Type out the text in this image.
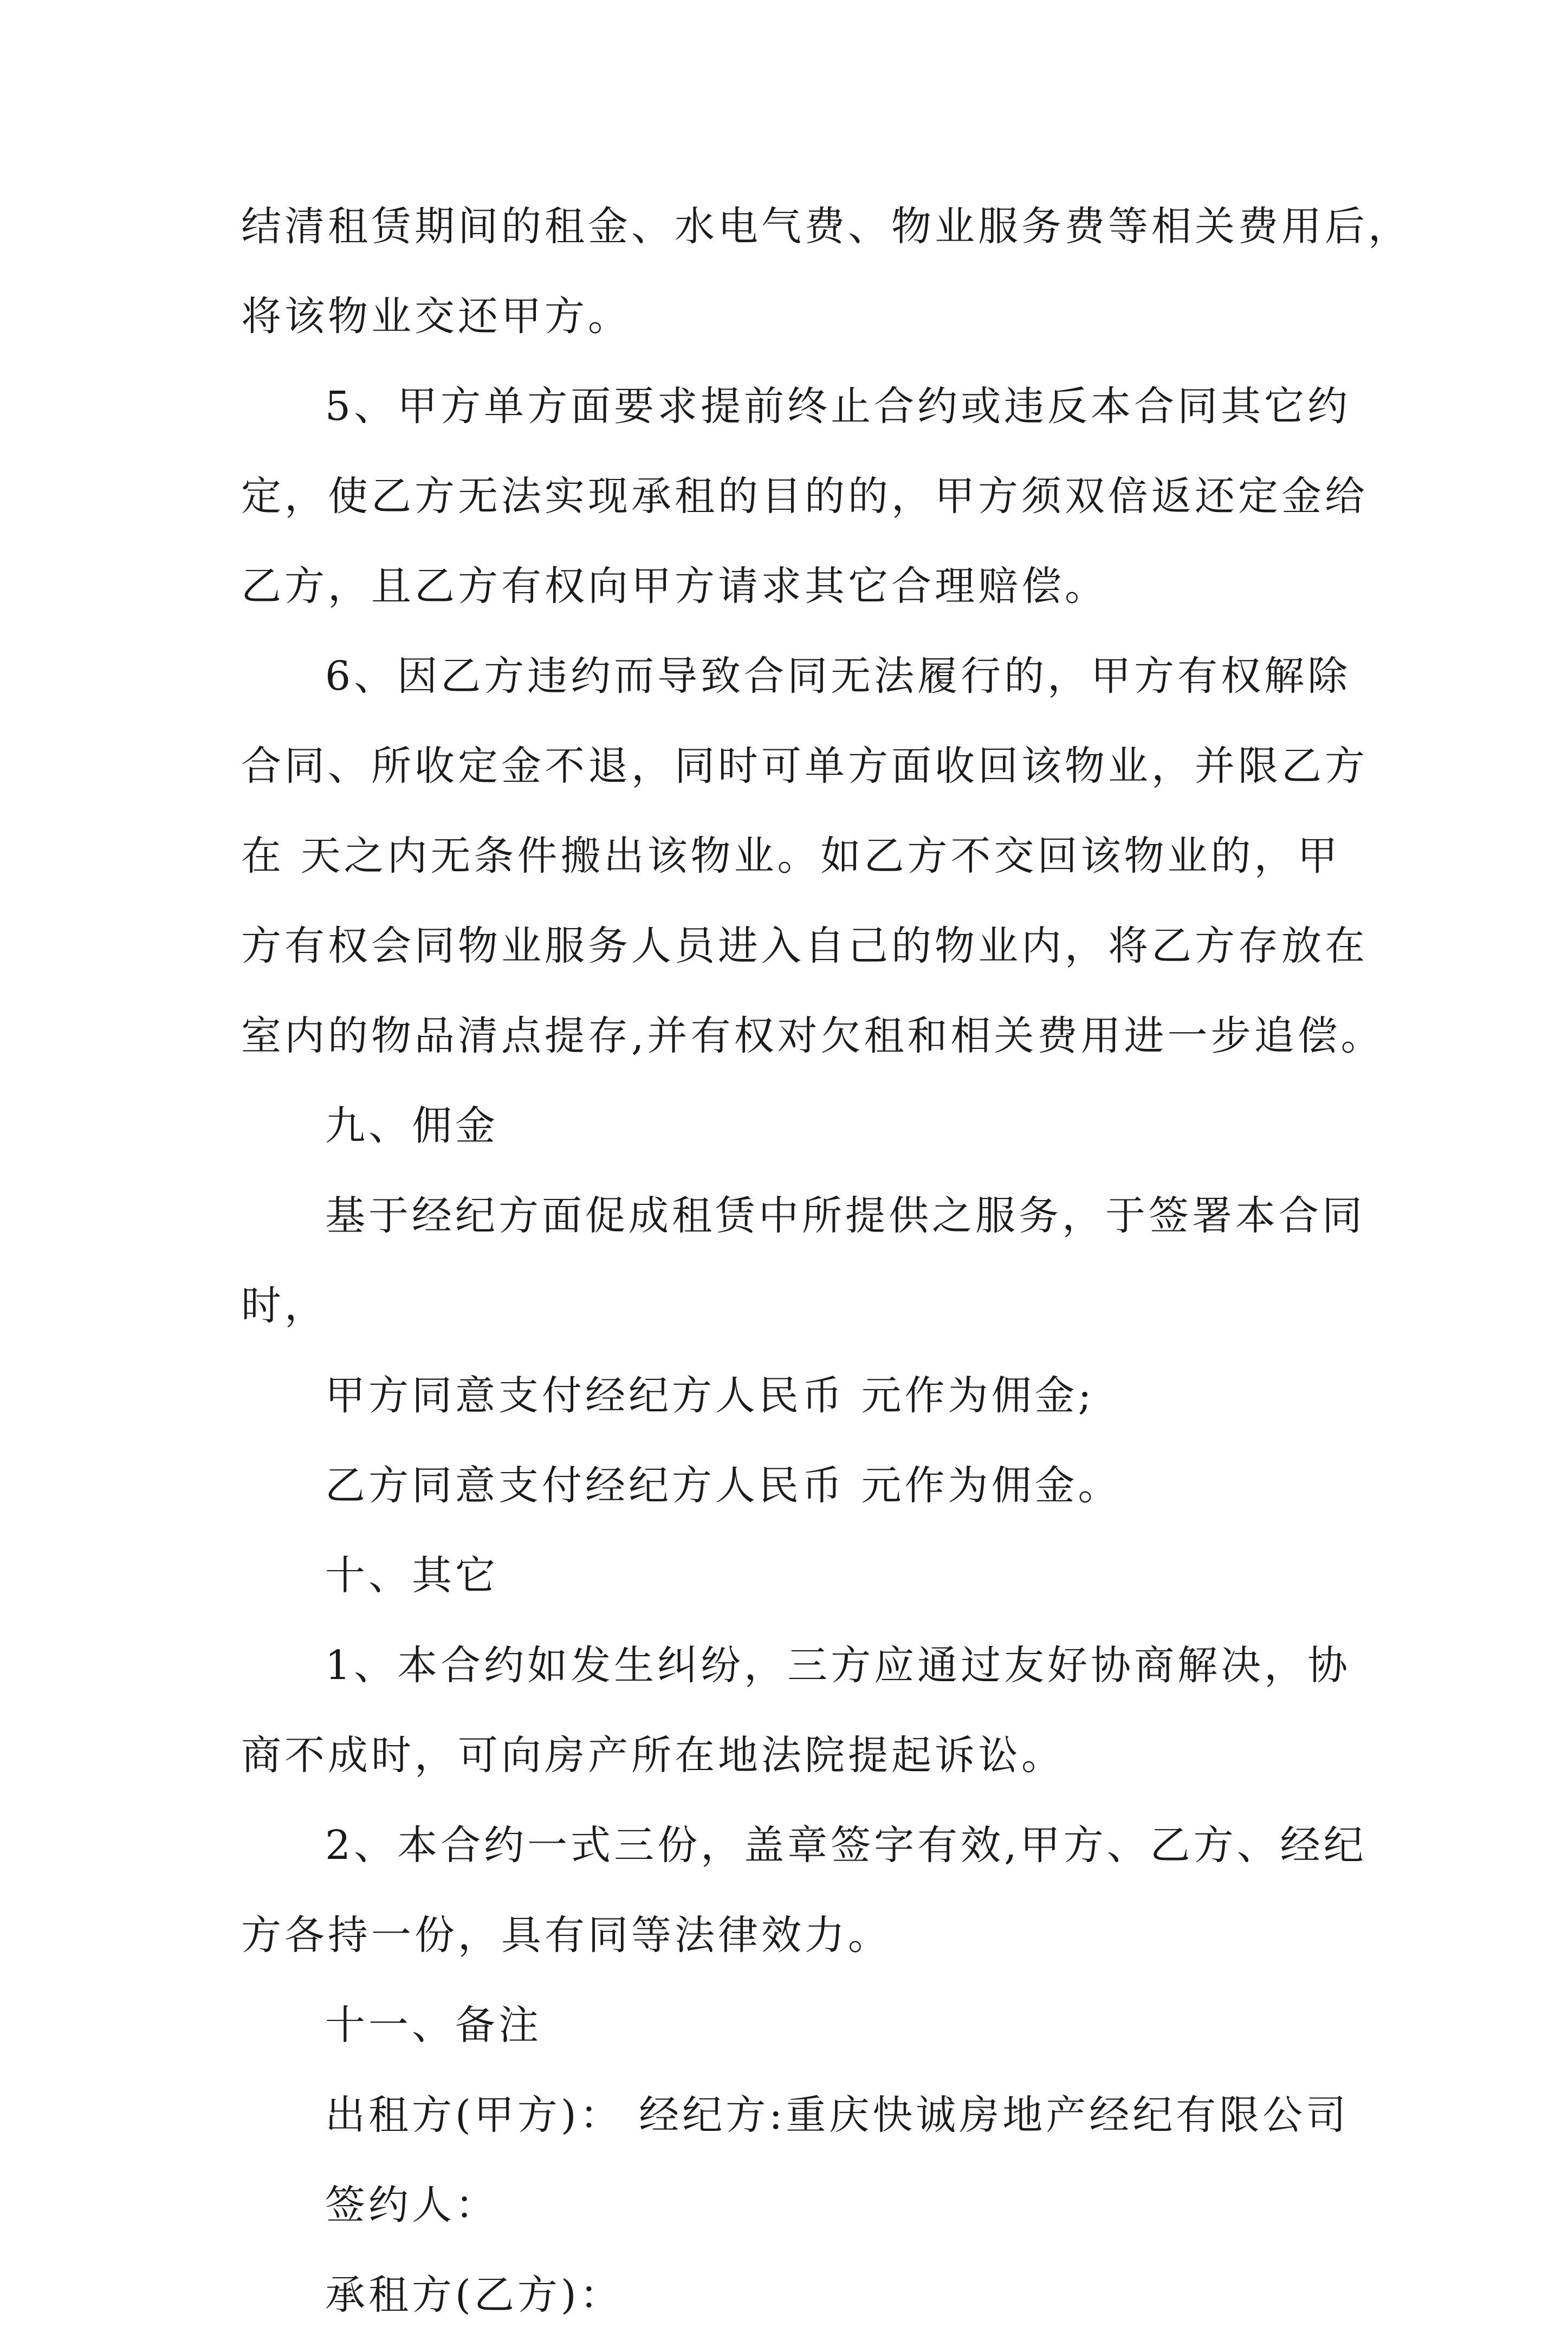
结清租赁期间的租金、水电气费、物业服务费等相关费用后，
将该物业交还甲方。
5、甲方单方面要求提前终止合约或违反本合同其它约
定，使乙方无法实现承租的目的的，甲方须双倍返还定金给
乙方，且乙方有权向甲方请求其它合理赔偿。
6、因乙方违约而导致合同无法履行的，甲方有权解除
合同、所收定金不退，同时可单方面收回该物业，并限乙方
在 天之内无条件搬出该物业。如乙方不交回该物业的，甲
方有权会同物业服务人员进入自己的物业内，将乙方存放在
室内的物品清点提存,并有权对欠租和相关费用进一步追偿。
九、佣金
基于经纪方面促成租赁中所提供之服务，于签署本合同
时，
甲方同意支付经纪方人民币 元作为佣金;
乙方同意支付经纪方人民币 元作为佣金。
十、其它
1、本合约如发生纠纷，三方应通过友好协商解决，协
商不成时，可向房产所在地法院提起诉讼。
2、本合约一式三份，盖章签字有效,甲方、乙方、经纪
方各持一份，具有同等法律效力。
十一、备注
出租方(甲方)： 经纪方:重庆快诚房地产经纪有限公司
签约人：
承租方(乙方)：
